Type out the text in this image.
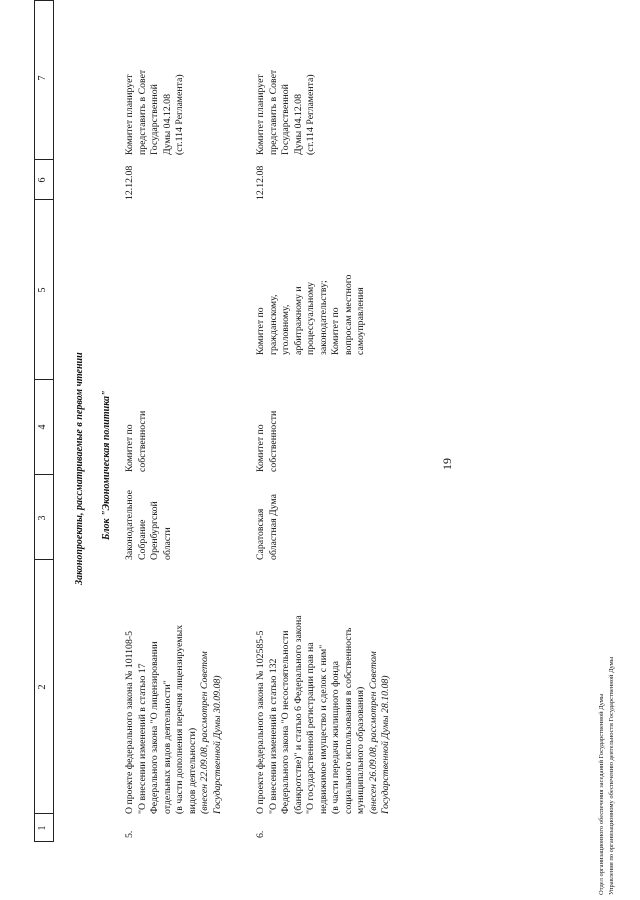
19
1
2
3
4
5
6
7
Законопроекты, рассматриваемые в первом чтении Блок "Экономическая политика"
5.
О проекте федерального закона № 101108-5 "О внесении изменений в статью 17 Федерального закона "О лицензировании отдельных видов деятельности" (в части дополнения перечня лицензируемых видов деятельности) (внесен 22.09.08, рассмотрен Советом Государственной Думы 30.09.08)
Законодательное Собрание Оренбургской области
Комитет по собственности
12.12.08
Комитет планирует представить в Совет Государственной Думы 04.12.08 (ст.114 Регламента)
6.
О проекте федерального закона № 102585-5 "О внесении изменений в статью 132 Федерального закона "О несостоятельности (банкротстве)" и статью 6 Федерального закона "О государственной регистрации прав на недвижимое имущество и сделок с ним" (в части передачи жилищного фонда социального использования в собственность муниципального образования) (внесен 26.09.08, рассмотрен Советом Государственной Думы 28.10.08)
Саратовская областная Дума
Комитет по собственности
Комитет по гражданскому, уголовному, арбитражному и процессуальному законодательству; Комитет по вопросам местного самоуправления
12.12.08
Комитет планирует представить в Совет Государственной Думы 04.12.08 (ст.114 Регламента)
Отдел организационного обеспечения заседаний Государственной Думы Управления по организационному обеспечению деятельности Государственной Думы
